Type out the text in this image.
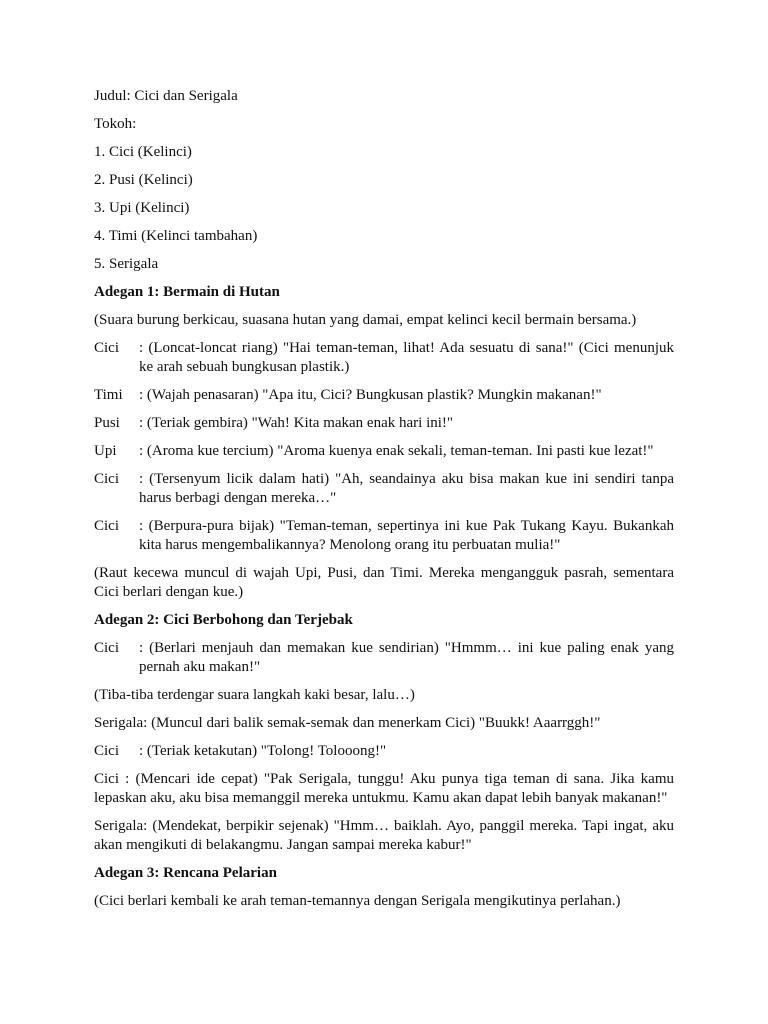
Judul: Cici dan Serigala

Tokoh:

1. Cici (Kelinci)

2. Pusi (Kelinci)

3. Upi (Kelinci)

4. Timi (Kelinci tambahan)

5. Serigala

Adegan 1: Bermain di Hutan

(Suara burung berkicau, suasana hutan yang damai, empat kelinci kecil bermain bersama.)

Cici	: (Loncat-loncat riang) "Hai teman-teman, lihat! Ada sesuatu di sana!" (Cici menunjuk ke arah sebuah bungkusan plastik.)
Timi	: (Wajah penasaran) "Apa itu, Cici? Bungkusan plastik? Mungkin makanan!"
Pusi	: (Teriak gembira) "Wah! Kita makan enak hari ini!"
Upi	: (Aroma kue tercium) "Aroma kuenya enak sekali, teman-teman. Ini pasti kue lezat!"
Cici	: (Tersenyum licik dalam hati) "Ah, seandainya aku bisa makan kue ini sendiri tanpa harus berbagi dengan mereka…"
Cici	: (Berpura-pura bijak) "Teman-teman, sepertinya ini kue Pak Tukang Kayu. Bukankah kita harus mengembalikannya? Menolong orang itu perbuatan mulia!"

(Raut kecewa muncul di wajah Upi, Pusi, dan Timi. Mereka mengangguk pasrah, sementara Cici berlari dengan kue.)

Adegan 2: Cici Berbohong dan Terjebak

Cici	: (Berlari menjauh dan memakan kue sendirian) "Hmmm… ini kue paling enak yang pernah aku makan!"

(Tiba-tiba terdengar suara langkah kaki besar, lalu…)

Serigala: (Muncul dari balik semak-semak dan menerkam Cici) "Buukk! Aaarrggh!"

Cici	: (Teriak ketakutan) "Tolong! Tolooong!"

Cici : (Mencari ide cepat) "Pak Serigala, tunggu! Aku punya tiga teman di sana. Jika kamu lepaskan aku, aku bisa memanggil mereka untukmu. Kamu akan dapat lebih banyak makanan!"

Serigala: (Mendekat, berpikir sejenak) "Hmm… baiklah. Ayo, panggil mereka. Tapi ingat, aku akan mengikuti di belakangmu. Jangan sampai mereka kabur!"

Adegan 3: Rencana Pelarian

(Cici berlari kembali ke arah teman-temannya dengan Serigala mengikutinya perlahan.)
